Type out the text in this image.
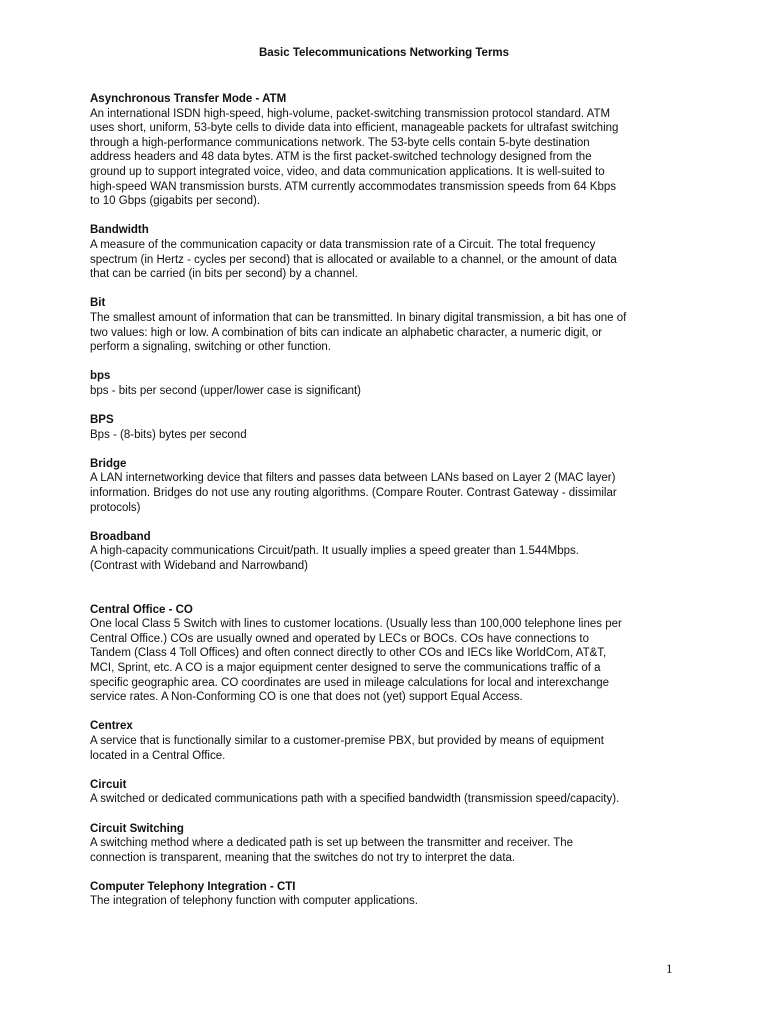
Basic Telecommunications Networking Terms
Asynchronous Transfer Mode - ATM
An international ISDN high-speed, high-volume, packet-switching transmission protocol standard. ATM
uses short, uniform, 53-byte cells to divide data into efficient, manageable packets for ultrafast switching
through a high-performance communications network. The 53-byte cells contain 5-byte destination
address headers and 48 data bytes. ATM is the first packet-switched technology designed from the
ground up to support integrated voice, video, and data communication applications. It is well-suited to
high-speed WAN transmission bursts. ATM currently accommodates transmission speeds from 64 Kbps
to 10 Gbps (gigabits per second).
Bandwidth
A measure of the communication capacity or data transmission rate of a Circuit. The total frequency
spectrum (in Hertz - cycles per second) that is allocated or available to a channel, or the amount of data
that can be carried (in bits per second) by a channel.
Bit
The smallest amount of information that can be transmitted. In binary digital transmission, a bit has one of
two values: high or low. A combination of bits can indicate an alphabetic character, a numeric digit, or
perform a signaling, switching or other function.
bps
bps - bits per second (upper/lower case is significant)
BPS
Bps - (8-bits) bytes per second
Bridge
A LAN internetworking device that filters and passes data between LANs based on Layer 2 (MAC layer)
information. Bridges do not use any routing algorithms. (Compare Router. Contrast Gateway - dissimilar
protocols)
Broadband
A high-capacity communications Circuit/path. It usually implies a speed greater than 1.544Mbps.
(Contrast with Wideband and Narrowband)
Central Office - CO
One local Class 5 Switch with lines to customer locations. (Usually less than 100,000 telephone lines per
Central Office.) COs are usually owned and operated by LECs or BOCs. COs have connections to
Tandem (Class 4 Toll Offices) and often connect directly to other COs and IECs like WorldCom, AT&T,
MCI, Sprint, etc. A CO is a major equipment center designed to serve the communications traffic of a
specific geographic area. CO coordinates are used in mileage calculations for local and interexchange
service rates. A Non-Conforming CO is one that does not (yet) support Equal Access.
Centrex
A service that is functionally similar to a customer-premise PBX, but provided by means of equipment
located in a Central Office.
Circuit
A switched or dedicated communications path with a specified bandwidth (transmission speed/capacity).
Circuit Switching
A switching method where a dedicated path is set up between the transmitter and receiver. The
connection is transparent, meaning that the switches do not try to interpret the data.
Computer Telephony Integration - CTI
The integration of telephony function with computer applications.
1
